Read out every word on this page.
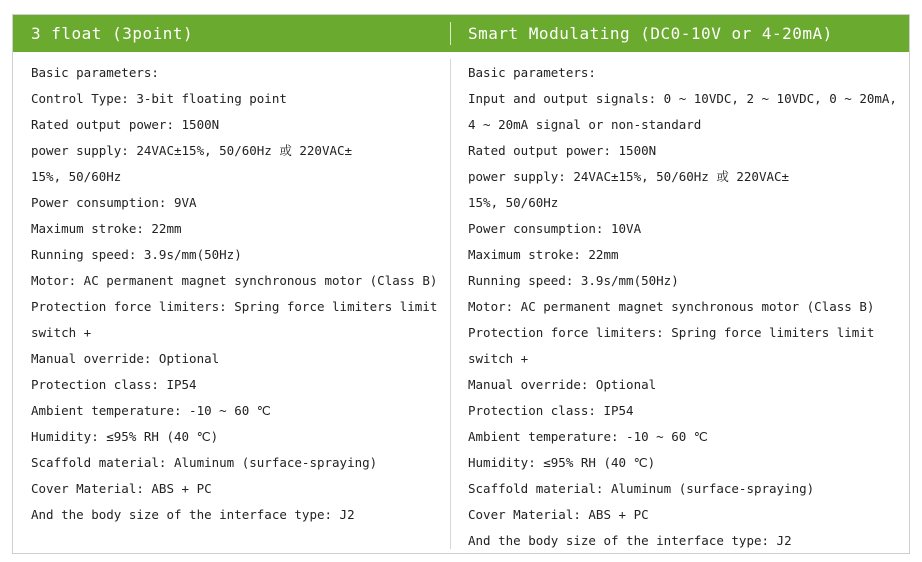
3 float (3point)	Smart Modulating (DC0-10V or 4-20mA)
Basic parameters:
Control Type: 3-bit floating point
Rated output power: 1500N
power supply: 24VAC±15%, 50/60Hz 或 220VAC±
15%, 50/60Hz
Power consumption: 9VA
Maximum stroke: 22mm
Running speed: 3.9s/mm(50Hz)
Motor: AC permanent magnet synchronous motor (Class B)
Protection force limiters: Spring force limiters limit
switch +
Manual override: Optional
Protection class: IP54
Ambient temperature: -10 ~ 60 ℃
Humidity: ≤95% RH (40 ℃)
Scaffold material: Aluminum (surface-spraying)
Cover Material: ABS + PC
And the body size of the interface type: J2
Basic parameters:
Input and output signals: 0 ~ 10VDC, 2 ~ 10VDC, 0 ~ 20mA,
4 ~ 20mA signal or non-standard
Rated output power: 1500N
power supply: 24VAC±15%, 50/60Hz 或 220VAC±
15%, 50/60Hz
Power consumption: 10VA
Maximum stroke: 22mm
Running speed: 3.9s/mm(50Hz)
Motor: AC permanent magnet synchronous motor (Class B)
Protection force limiters: Spring force limiters limit
switch +
Manual override: Optional
Protection class: IP54
Ambient temperature: -10 ~ 60 ℃
Humidity: ≤95% RH (40 ℃)
Scaffold material: Aluminum (surface-spraying)
Cover Material: ABS + PC
And the body size of the interface type: J2
